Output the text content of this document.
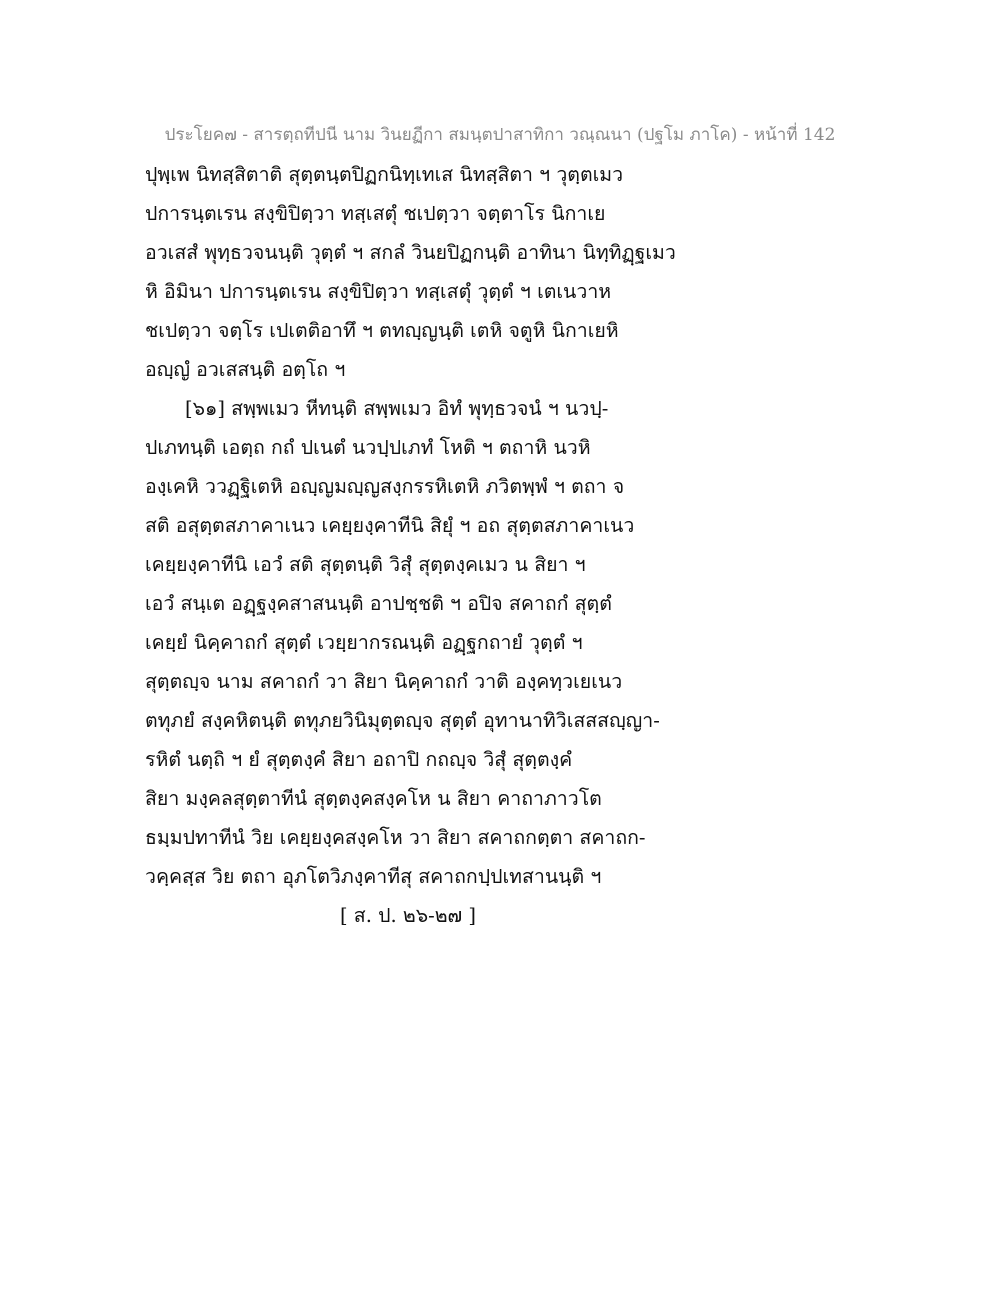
ประโยค๗ - สารตฺถทีปนี นาม วินยฏีกา สมนฺตปาสาทิกา วณฺณนา (ปฐโม ภาโค) - หน้าที่ 142
ปุพฺเพ นิทสฺสิตาติ สุตฺตนฺตปิฏกนิทฺเทเส นิทสฺสิตา ฯ วุตฺตเมว
ปการนฺตเรน สงฺขิปิตฺวา ทสฺเสตุํ ชเปตฺวา จตฺตาโร นิกาเย
อวเสสํ พุทฺธวจนนฺติ วุตฺตํ ฯ สกลํ วินยปิฏกนฺติ อาทินา นิทฺทิฏฺฐเมว
หิ อิมินา ปการนฺตเรน สงฺขิปิตฺวา ทสฺเสตุํ วุตฺตํ ฯ เตเนวาห
ชเปตฺวา จตฺโร เปเตติอาทึ ฯ ตทญฺญนฺติ เตหิ จตูหิ นิกาเยหิ
อญฺญํ อวเสสนฺติ อตฺโถ ฯ
[๖๑] สพฺพเมว หีทนฺติ สพฺพเมว อิทํ พุทฺธวจนํ ฯ นวปฺ-
ปเภทนฺติ เอตฺถ กถํ ปเนตํ นวปฺปเภทํ โหติ ฯ ตถาหิ นวหิ
องฺเคหิ ววฏฺฐิเตหิ อญฺญมญฺญสงฺกรรหิเตหิ ภวิตพฺพํ ฯ ตถา จ
สติ อสุตฺตสภาคาเนว เคยฺยงฺคาทีนิ สิยุํ ฯ อถ สุตฺตสภาคาเนว
เคยฺยงฺคาทีนิ เอวํ สติ สุตฺตนฺติ วิสุํ สุตฺตงฺคเมว น สิยา ฯ
เอวํ สนฺเต อฏฺฐงฺคสาสนนฺติ อาปชฺชติ ฯ อปิจ สคาถกํ สุตฺตํ
เคยฺยํ นิคฺคาถกํ สุตฺตํ เวยฺยากรณนฺติ อฏฺฐกถายํ วุตฺตํ ฯ
สุตฺตญฺจ นาม สคาถกํ วา สิยา นิคฺคาถกํ วาติ องฺคทฺวเยเนว
ตทุภยํ สงฺคหิตนฺติ ตทุภยวินิมุตฺตญฺจ สุตฺตํ อุทานาทิวิเสสสญฺญา-
รหิตํ นตฺถิ ฯ ยํ สุตฺตงฺคํ สิยา อถาปิ กถญฺจ วิสุํ สุตฺตงฺคํ
สิยา มงฺคลสุตฺตาทีนํ สุตฺตงฺคสงฺคโห น สิยา คาถาภาวโต
ธมฺมปทาทีนํ วิย เคยฺยงฺคสงฺคโห วา สิยา สคาถกตฺตา สคาถก-
วคฺคสฺส วิย ตถา อุภโตวิภงฺคาทีสุ สคาถกปฺปเทสานนฺติ ฯ
[ ส. ป. ๒๖-๒๗ ]
